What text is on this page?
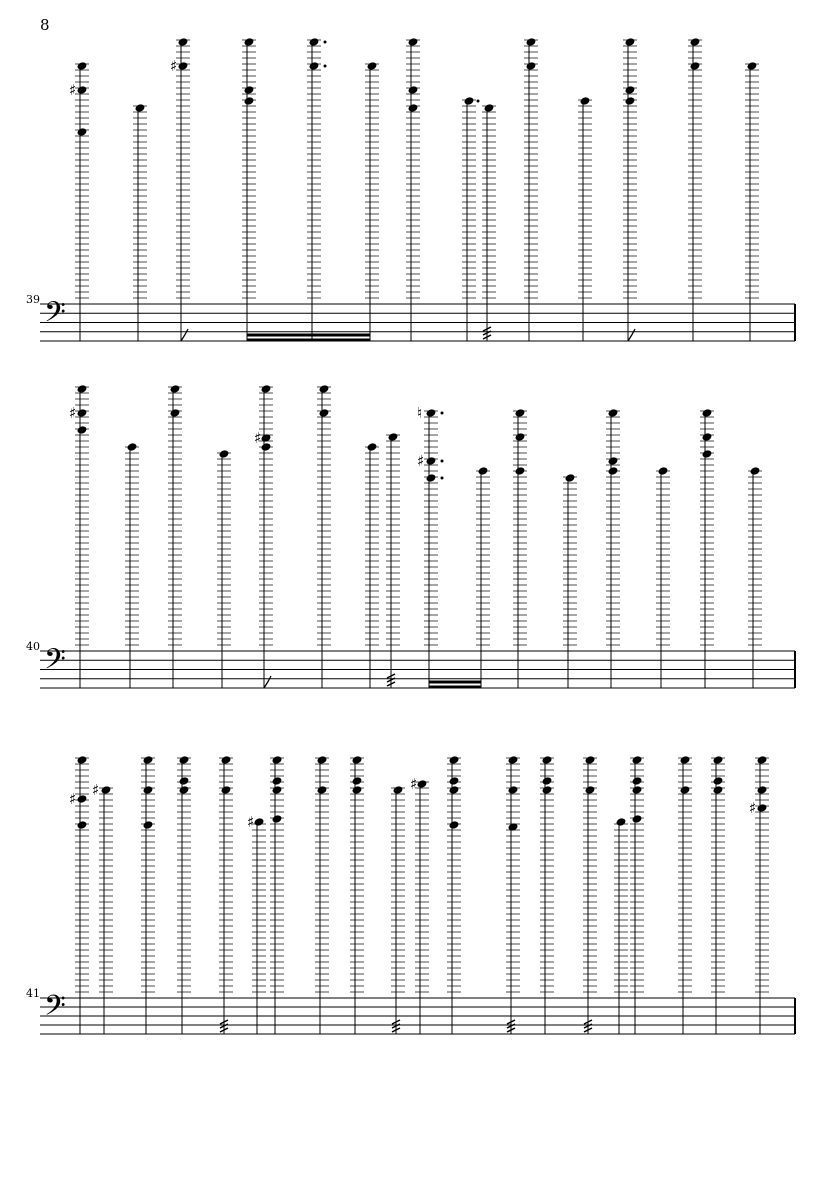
8
39
40
41
𝄢
♯
♯
𝄢
♯
♯
♮
♯
𝄢
♯ ♯
♯
♯
♯
